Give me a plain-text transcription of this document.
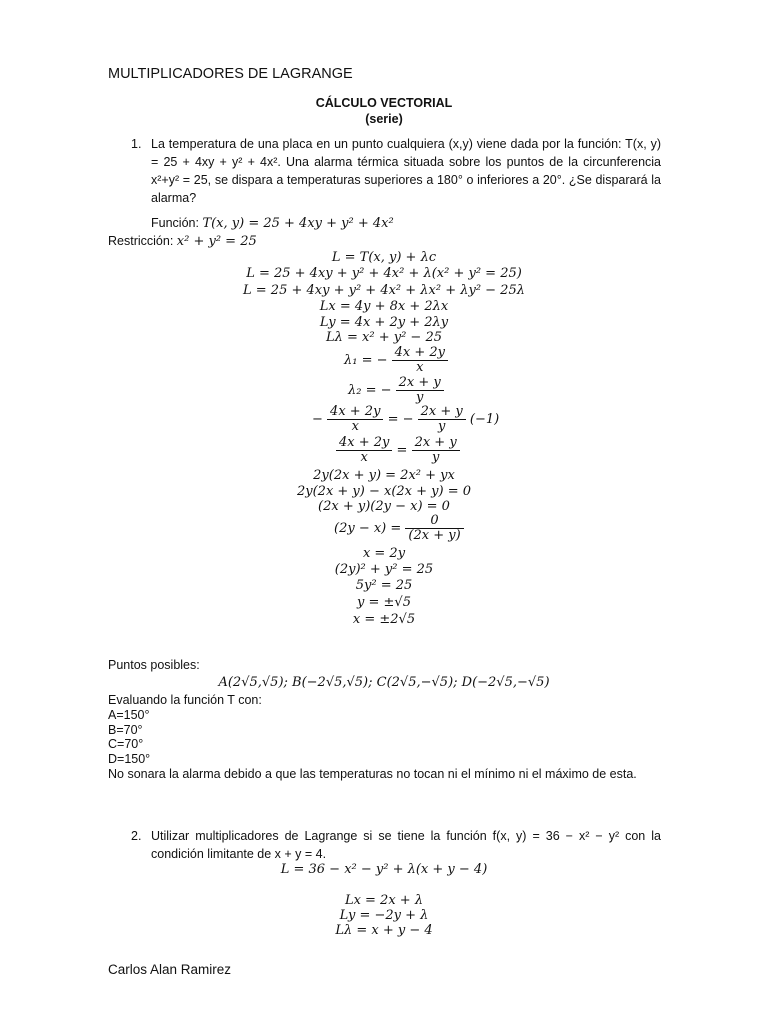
MULTIPLICADORES DE LAGRANGE
CÁLCULO VECTORIAL
(serie)
1. La temperatura de una placa en un punto cualquiera (x,y) viene dada por la función: T(x, y) = 25 + 4xy + y² + 4x². Una alarma térmica situada sobre los puntos de la circunferencia x²+y² = 25, se dispara a temperaturas superiores a 180° o inferiores a 20°. ¿Se disparará la alarma?
Función: T(x, y) = 25 + 4xy + y² + 4x²
Restricción: x² + y² = 25
L = T(x, y) + λc
L = 25 + 4xy + y² + 4x² + λ(x² + y² = 25)
L = 25 + 4xy + y² + 4x² + λx² + λy² − 25λ
Lx = 4y + 8x + 2λx
Ly = 4x + 2y + 2λy
Lλ = x² + y² − 25
λ₁ = − $\frac{4x + 2y}{x}$
λ₂ = − $\frac{2x + y}{y}$
− $\frac{4x + 2y}{x}$ = − $\frac{2x + y}{y} (-1)$
$\frac{4x + 2y}{x} = \frac{2x + y}{y}$
2y(2x + y) = 2x² + yx
2y(2x + y) − x(2x + y) = 0
(2x + y)(2y − x) = 0
$(2y - x) = \frac{0}{(2x + y)}$
x = 2y
(2y)² + y² = 25
5y² = 25
y = ±√5
x = ±2√5
Puntos posibles:
A(2√5,√5); B(−2√5,√5); C(2√5,−√5); D(−2√5,−√5)
Evaluando la función T con:
A=150°
B=70°
C=70°
D=150°
No sonara la alarma debido a que las temperaturas no tocan ni el mínimo ni el máximo de esta.
2. Utilizar multiplicadores de Lagrange si se tiene la función f(x, y) = 36 − x² − y² con la condición limitante de x + y = 4.
L = 36 − x² − y² + λ(x + y − 4)
Lx = 2x + λ
Ly = −2y + λ
Lλ = x + y − 4
Carlos Alan Ramirez
